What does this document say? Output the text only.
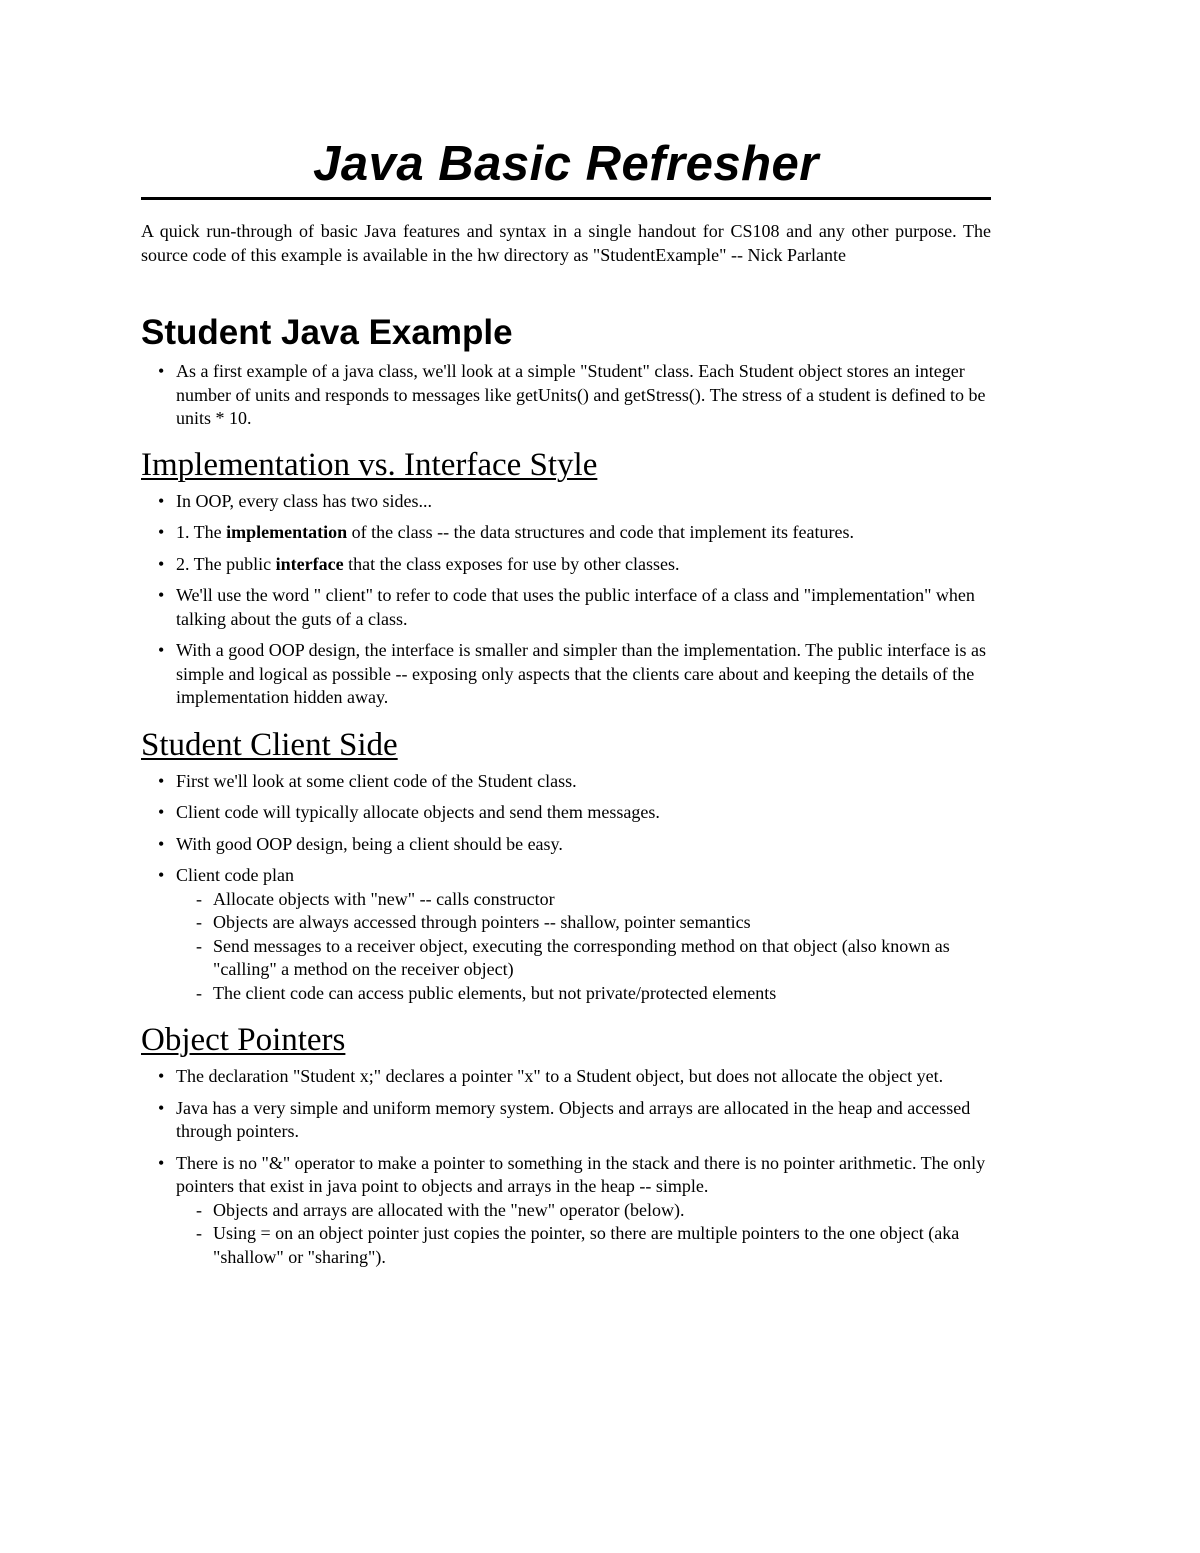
Java Basic Refresher

A quick run-through of basic Java features and syntax in a single handout for CS108 and any other purpose. The source code of this example is available in the hw directory as "StudentExample" -- Nick Parlante

Student Java Example
• As a first example of a java class, we'll look at a simple "Student" class. Each Student object stores an integer number of units and responds to messages like getUnits() and getStress(). The stress of a student is defined to be units * 10.
Implementation vs. Interface Style
• In OOP, every class has two sides...
• 1. The implementation of the class -- the data structures and code that implement its features.
• 2. The public interface that the class exposes for use by other classes.
• We'll use the word " client" to refer to code that uses the public interface of a class and "implementation" when talking about the guts of a class.
• With a good OOP design, the interface is smaller and simpler than the implementation. The public interface is as simple and logical as possible -- exposing only aspects that the clients care about and keeping the details of the implementation hidden away.
Student Client Side
• First we'll look at some client code of the Student class.
• Client code will typically allocate objects and send them messages.
• With good OOP design, being a client should be easy.
• Client code plan
- Allocate objects with "new" -- calls constructor
- Objects are always accessed through pointers -- shallow, pointer semantics
- Send messages to a receiver object, executing the corresponding method on that object (also known as "calling" a method on the receiver object)
- The client code can access public elements, but not private/protected elements
Object Pointers
• The declaration "Student x;" declares a pointer "x" to a Student object, but does not allocate the object yet.
• Java has a very simple and uniform memory system. Objects and arrays are allocated in the heap and accessed through pointers.
• There is no "&" operator to make a pointer to something in the stack and there is no pointer arithmetic. The only pointers that exist in java point to objects and arrays in the heap -- simple.
- Objects and arrays are allocated with the "new" operator (below).
- Using = on an object pointer just copies the pointer, so there are multiple pointers to the one object (aka "shallow" or "sharing").
